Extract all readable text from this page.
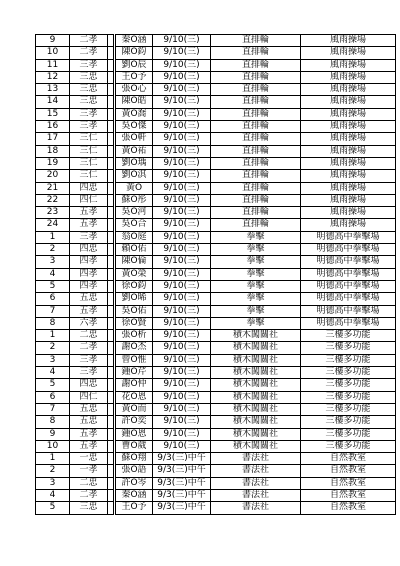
9	二孝		秦O涵	9/10(三)	直排輪	風雨操場
10	二孝		陳O鈞	9/10(三)	直排輪	風雨操場
11	三孝		劉O辰	9/10(三)	直排輪	風雨操場
12	三忠		王O予	9/10(三)	直排輪	風雨操場
13	三忠		張O心	9/10(三)	直排輪	風雨操場
14	三忠		陳O皓	9/10(三)	直排輪	風雨操場
15	三孝		黃O喬	9/10(三)	直排輪	風雨操場
16	三孝		吳O傑	9/10(三)	直排輪	風雨操場
17	三仁		張O軒	9/10(三)	直排輪	風雨操場
18	三仁		黃O祐	9/10(三)	直排輪	風雨操場
19	三仁		劉O瑀	9/10(三)	直排輪	風雨操場
20	三仁		劉O淇	9/10(三)	直排輪	風雨操場
21	四忠		黃O	9/10(三)	直排輪	風雨操場
22	四仁		蘇O彤	9/10(三)	直排輪	風雨操場
23	五孝		吳O河	9/10(三)	直排輪	風雨操場
24	五孝		吳O合	9/10(三)	直排輪	風雨操場
1	三孝		翁O庭	9/10(三)	拳擊	明德高中拳擊場
2	四忠		賴O佑	9/10(三)	拳擊	明德高中拳擊場
3	四孝		陳O倫	9/10(三)	拳擊	明德高中拳擊場
4	四孝		黃O榮	9/10(三)	拳擊	明德高中拳擊場
5	四孝		徐O鈞	9/10(三)	拳擊	明德高中拳擊場
6	五忠		劉O晞	9/10(三)	拳擊	明德高中拳擊場
7	五孝		吳O佑	9/10(三)	拳擊	明德高中拳擊場
8	六孝		徐O賢	9/10(三)	拳擊	明德高中拳擊場
1	二忠		張O析	9/10(三)	積木闖關社	三樓多功能
2	二孝		謝O杰	9/10(三)	積木闖關社	三樓多功能
3	三孝		曾O惟	9/10(三)	積木闖關社	三樓多功能
4	三孝		鍾O芹	9/10(三)	積木闖關社	三樓多功能
5	四忠		謝O仲	9/10(三)	積木闖關社	三樓多功能
6	四仁		花O恩	9/10(三)	積木闖關社	三樓多功能
7	五忠		黃O而	9/10(三)	積木闖關社	三樓多功能
8	五忠		許O奕	9/10(三)	積木闖關社	三樓多功能
9	五孝		鍾O恩	9/10(三)	積木闖關社	三樓多功能
10	五孝		曹O葳	9/10(三)	積木闖關社	三樓多功能
1	一忠		蘇O翔	9/3(三)中午	書法社	自然教室
2	一孝		張O語	9/3(三)中午	書法社	自然教室
3	二忠		許O岑	9/3(三)中午	書法社	自然教室
4	二孝		秦O涵	9/3(三)中午	書法社	自然教室
5	三忠		王O予	9/3(三)中午	書法社	自然教室
